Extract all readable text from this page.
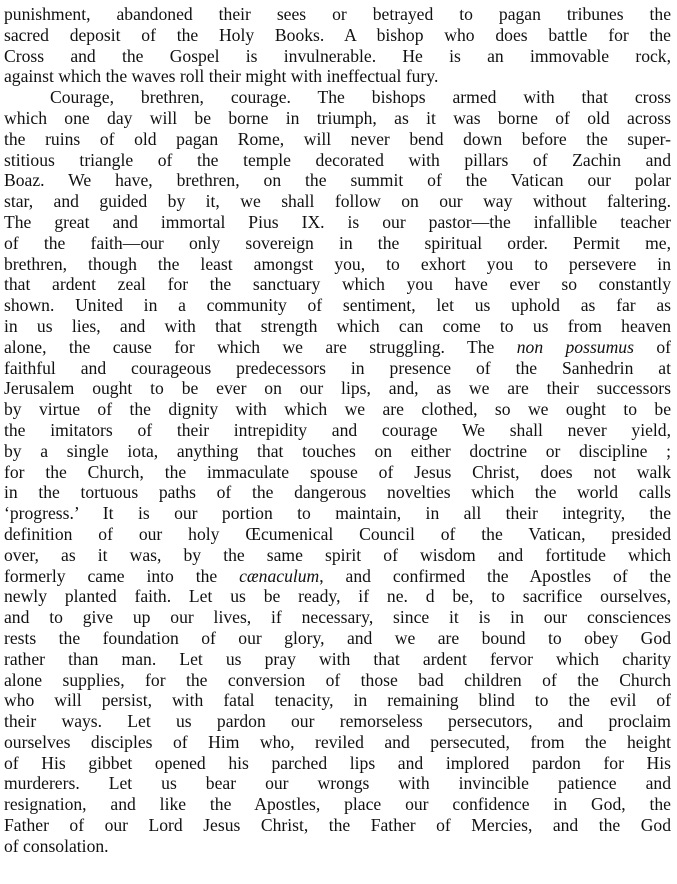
punishment, abandoned their sees or betrayed to pagan tribunes the
sacred deposit of the Holy Books. A bishop who does battle for the
Cross and the Gospel is invulnerable. He is an immovable rock,
against which the waves roll their might with ineffectual fury.
Courage, brethren, courage. The bishops armed with that cross
which one day will be borne in triumph, as it was borne of old across
the ruins of old pagan Rome, will never bend down before the super-
stitious triangle of the temple decorated with pillars of Zachin and
Boaz. We have, brethren, on the summit of the Vatican our polar
star, and guided by it, we shall follow on our way without faltering.
The great and immortal Pius IX. is our pastor—the infallible teacher
of the faith—our only sovereign in the spiritual order. Permit me,
brethren, though the least amongst you, to exhort you to persevere in
that ardent zeal for the sanctuary which you have ever so constantly
shown. United in a community of sentiment, let us uphold as far as
in us lies, and with that strength which can come to us from heaven
alone, the cause for which we are struggling. The non possumus of
faithful and courageous predecessors in presence of the Sanhedrin at
Jerusalem ought to be ever on our lips, and, as we are their successors
by virtue of the dignity with which we are clothed, so we ought to be
the imitators of their intrepidity and courage We shall never yield,
by a single iota, anything that touches on either doctrine or discipline ;
for the Church, the immaculate spouse of Jesus Christ, does not walk
in the tortuous paths of the dangerous novelties which the world calls
‘progress.’ It is our portion to maintain, in all their integrity, the
definition of our holy Œcumenical Council of the Vatican, presided
over, as it was, by the same spirit of wisdom and fortitude which
formerly came into the cænaculum, and confirmed the Apostles of the
newly planted faith. Let us be ready, if ne. d be, to sacrifice ourselves,
and to give up our lives, if necessary, since it is in our consciences
rests the foundation of our glory, and we are bound to obey God
rather than man. Let us pray with that ardent fervor which charity
alone supplies, for the conversion of those bad children of the Church
who will persist, with fatal tenacity, in remaining blind to the evil of
their ways. Let us pardon our remorseless persecutors, and proclaim
ourselves disciples of Him who, reviled and persecuted, from the height
of His gibbet opened his parched lips and implored pardon for His
murderers. Let us bear our wrongs with invincible patience and
resignation, and like the Apostles, place our confidence in God, the
Father of our Lord Jesus Christ, the Father of Mercies, and the God
of consolation.
